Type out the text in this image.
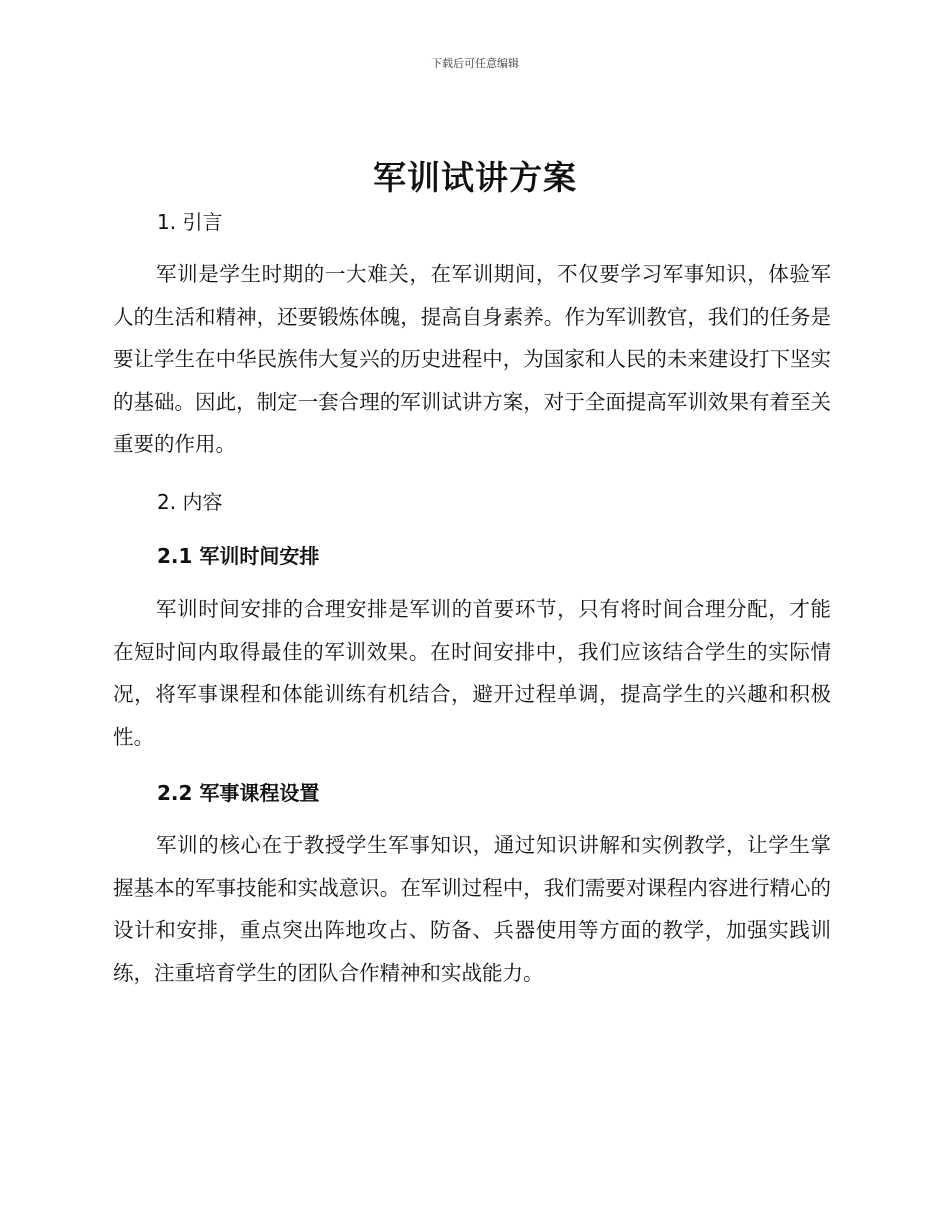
下载后可任意编辑
军训试讲方案
1. 引言
军训是学生时期的一大难关，在军训期间，不仅要学习军事知识，体验军人的生活和精神，还要锻炼体魄，提高自身素养。作为军训教官，我们的任务是要让学生在中华民族伟大复兴的历史进程中，为国家和人民的未来建设打下坚实的基础。因此，制定一套合理的军训试讲方案，对于全面提高军训效果有着至关重要的作用。
2. 内容
2.1 军训时间安排
军训时间安排的合理安排是军训的首要环节，只有将时间合理分配，才能在短时间内取得最佳的军训效果。在时间安排中，我们应该结合学生的实际情况，将军事课程和体能训练有机结合，避开过程单调，提高学生的兴趣和积极性。
2.2 军事课程设置
军训的核心在于教授学生军事知识，通过知识讲解和实例教学，让学生掌握基本的军事技能和实战意识。在军训过程中，我们需要对课程内容进行精心的设计和安排，重点突出阵地攻占、防备、兵器使用等方面的教学，加强实践训练，注重培育学生的团队合作精神和实战能力。
